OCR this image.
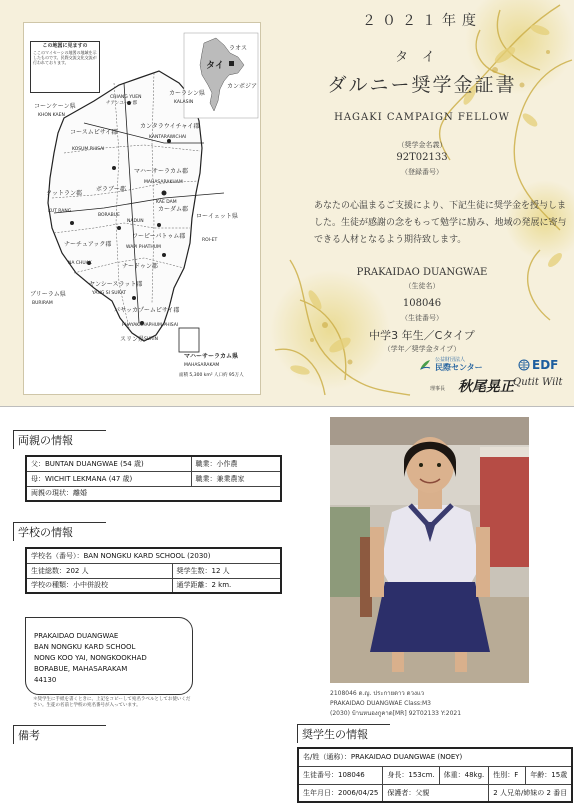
この地図に見ますの
ここのマイセーシの地図の地域を示したものです。民際交流文化交流が行われております。
ラオス
タイ
カンボジア
コーンケーン県
KHON KAEN
カーラシン県
KALASIN
CHIANG YUEN
チアンユーン郡
カンタラウイチャイ郡
KANTARAWICHAI
コースムピサイ郡
KOSUM PHISAI
マハーサーラカム郡
MAHASARAKHAM
KAE DAM
カーダム郡
ローイェット県
ROI-ET
クットラン郡
KUT RANG
ボラブー郡
BORABUE
NADUN
ワーピーパトゥム郡
WAPI PHATHUM
ナーチュアック郡
NA CHUAK	ナードゥン郡
ヤンシースラット郡
YANG SI SURAT
パヤッカプームピサイ郡
PHAYAKKHAPHUM PHISAI
ブリーラム県
BURIRAM
スリン県 SURIN
マハーサーラカム県
MAHASARAKAM
面積 5,300 km² 人口約 95万人
２０２１年度
タイ
ダルニー奨学金証書
HAGAKI CAMPAIGN FELLOW
（奨学金名義）
92T02133
（登録番号）
あなたの心温まるご支援により、下記生徒に奨学金を授与しました。生徒が感謝の念をもって勉学に励み、地域の発展に寄与できる人材となるよう期待致します。
PRAKAIDAO DUANGWAE
（生徒名）
108046
（生徒番号）
中学3 年生／Cタイプ
（学年／奨学金タイプ）
公益財団法人
民際センター
理事長 秋尾晃正
EDF
Qutit Wilt
両親の情報
父：BUNTAN DUANGWAE (54 歳)	職業：小作農
母：WICHIT LEKMANA (47 歳)	職業：兼業農家
両親の現状：離婚	
学校の情報
学校名（番号）：BAN NONGKU KARD SCHOOL (2030)	
生徒総数：202 人	奨学生数：12 人
学校の種類：小中併設校	通学距離：2 km.
PRAKAIDAO DUANGWAE
BAN NONGKU KARD SCHOOL
NONG KOO YAI, NONGKOOKHAD
BORABUE, MAHASARAKAM
44130
＊奨学生に手紙を書くときに、上記をコピーして宛名ラベルとしてお使いください。生徒の名前と学校の宛名番号が入っています。
2108046 ด.ญ. ประกายดาว ดวงแว
PRAKAIDAO DUANGWAE Class:M3
(2030) บ้านหนองกูคาด[MR] 92T02133 Y:2021
備考	奨学生の情報
名/姓（通称）：PRAKAIDAO DUANGWAE (NOEY)				
生徒番号：108046	身長：153cm.	体重：48kg.	性別：F	年齢：15歳
生年月日：2006/04/25	保護者：父親		2 人兄弟/姉妹の 2 番目	
